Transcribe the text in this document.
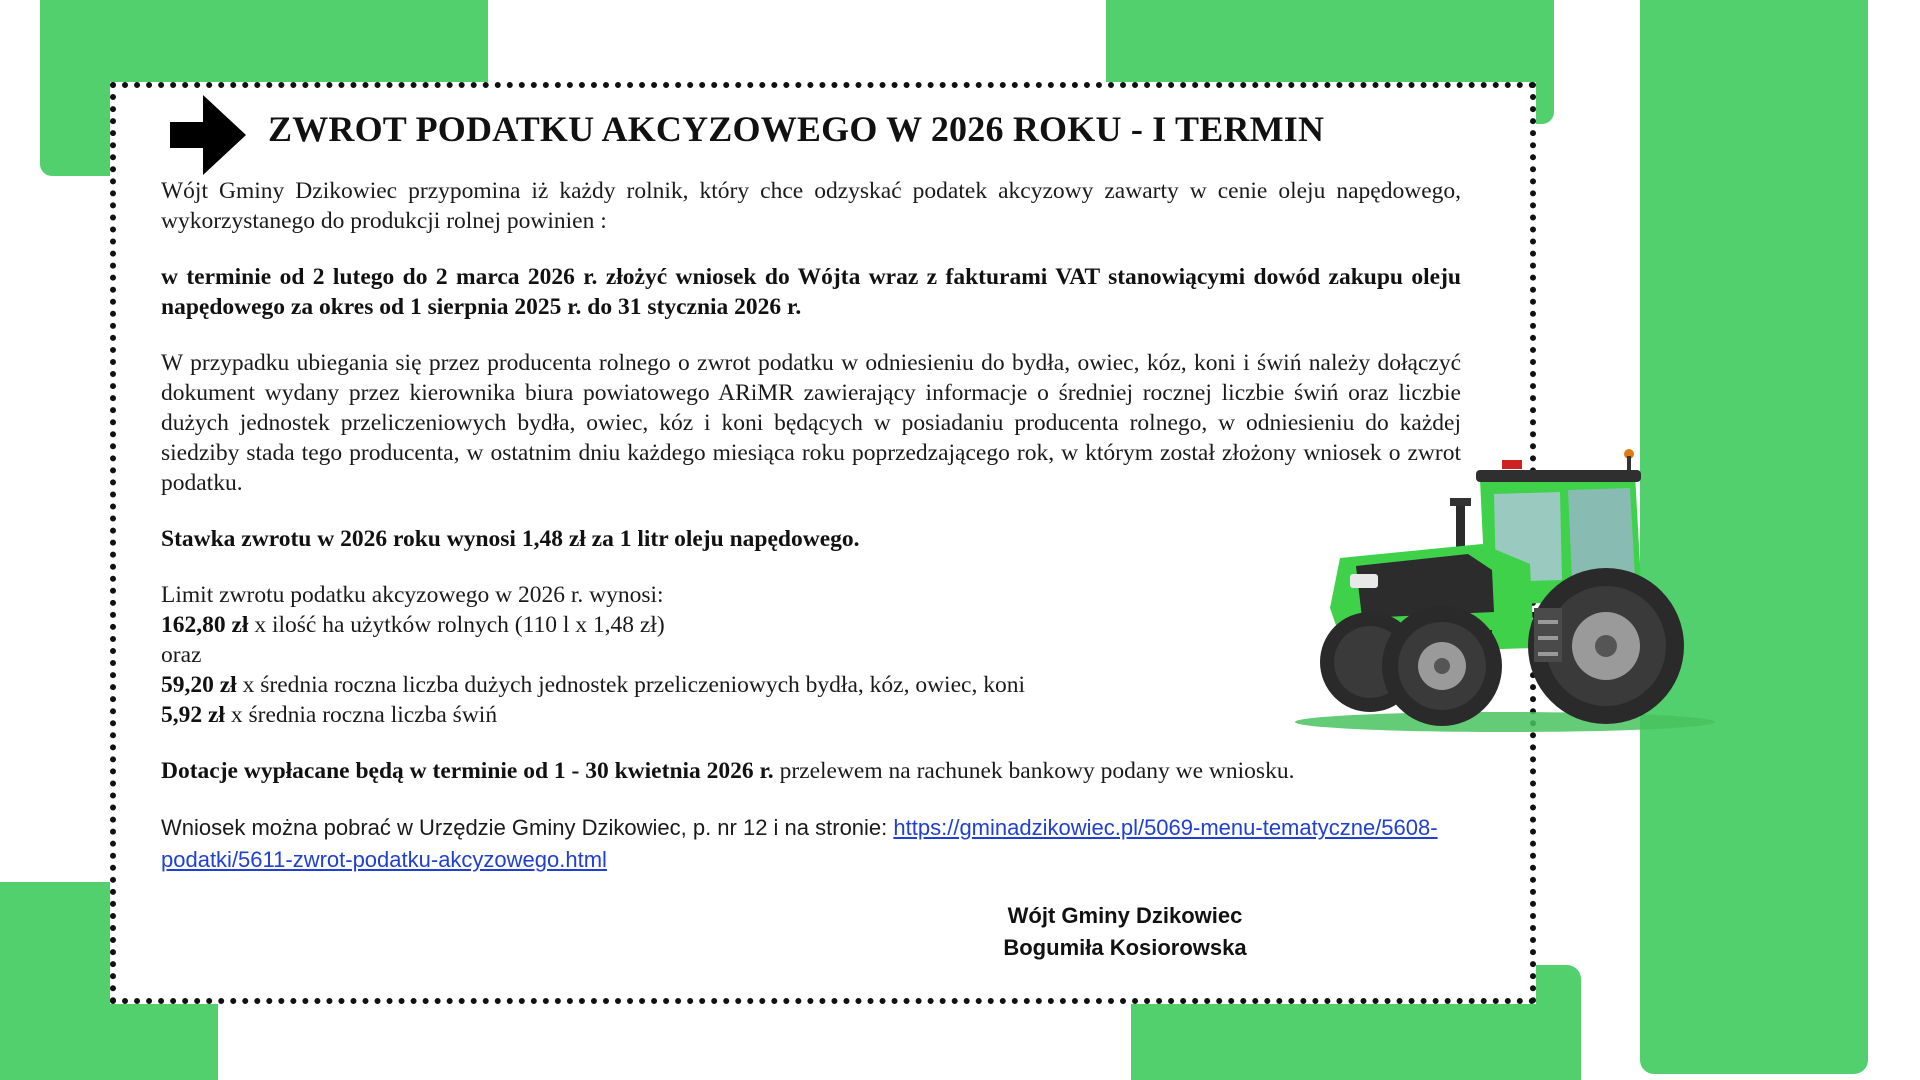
ZWROT PODATKU AKCYZOWEGO W 2026 ROKU - I TERMIN

Wójt Gminy Dzikowiec przypomina iż każdy rolnik, który chce odzyskać podatek akcyzowy zawarty w cenie oleju napędowego, wykorzystanego do produkcji rolnej powinien :

w terminie od 2 lutego do 2 marca 2026 r. złożyć wniosek do Wójta wraz z fakturami VAT stanowiącymi dowód zakupu oleju napędowego za okres od 1 sierpnia 2025 r. do 31 stycznia 2026 r.

W przypadku ubiegania się przez producenta rolnego o zwrot podatku w odniesieniu do bydła, owiec, kóz, koni i świń należy dołączyć dokument wydany przez kierownika biura powiatowego ARiMR zawierający informacje o średniej rocznej liczbie świń oraz liczbie dużych jednostek przeliczeniowych bydła, owiec, kóz i koni będących w posiadaniu producenta rolnego, w odniesieniu do każdej siedziby stada tego producenta, w ostatnim dniu każdego miesiąca roku poprzedzającego rok, w którym został złożony wniosek o zwrot podatku.

Stawka zwrotu w 2026 roku wynosi 1,48 zł za 1 litr oleju napędowego.

Limit zwrotu podatku akcyzowego w 2026 r. wynosi:
162,80 zł x ilość ha użytków rolnych (110 l x 1,48 zł)
oraz
59,20 zł x średnia roczna liczba dużych jednostek przeliczeniowych bydła, kóz, owiec, koni
5,92 zł x średnia roczna liczba świń

Dotacje wypłacane będą w terminie od 1 - 30 kwietnia 2026 r. przelewem na rachunek bankowy podany we wniosku.

Wniosek można pobrać w Urzędzie Gminy Dzikowiec, p. nr 12 i na stronie: https://gminadzikowiec.pl/5069-menu-tematyczne/5608-podatki/5611-zwrot-podatku-akcyzowego.html

Wójt Gminy Dzikowiec
Bogumiła Kosiorowska
